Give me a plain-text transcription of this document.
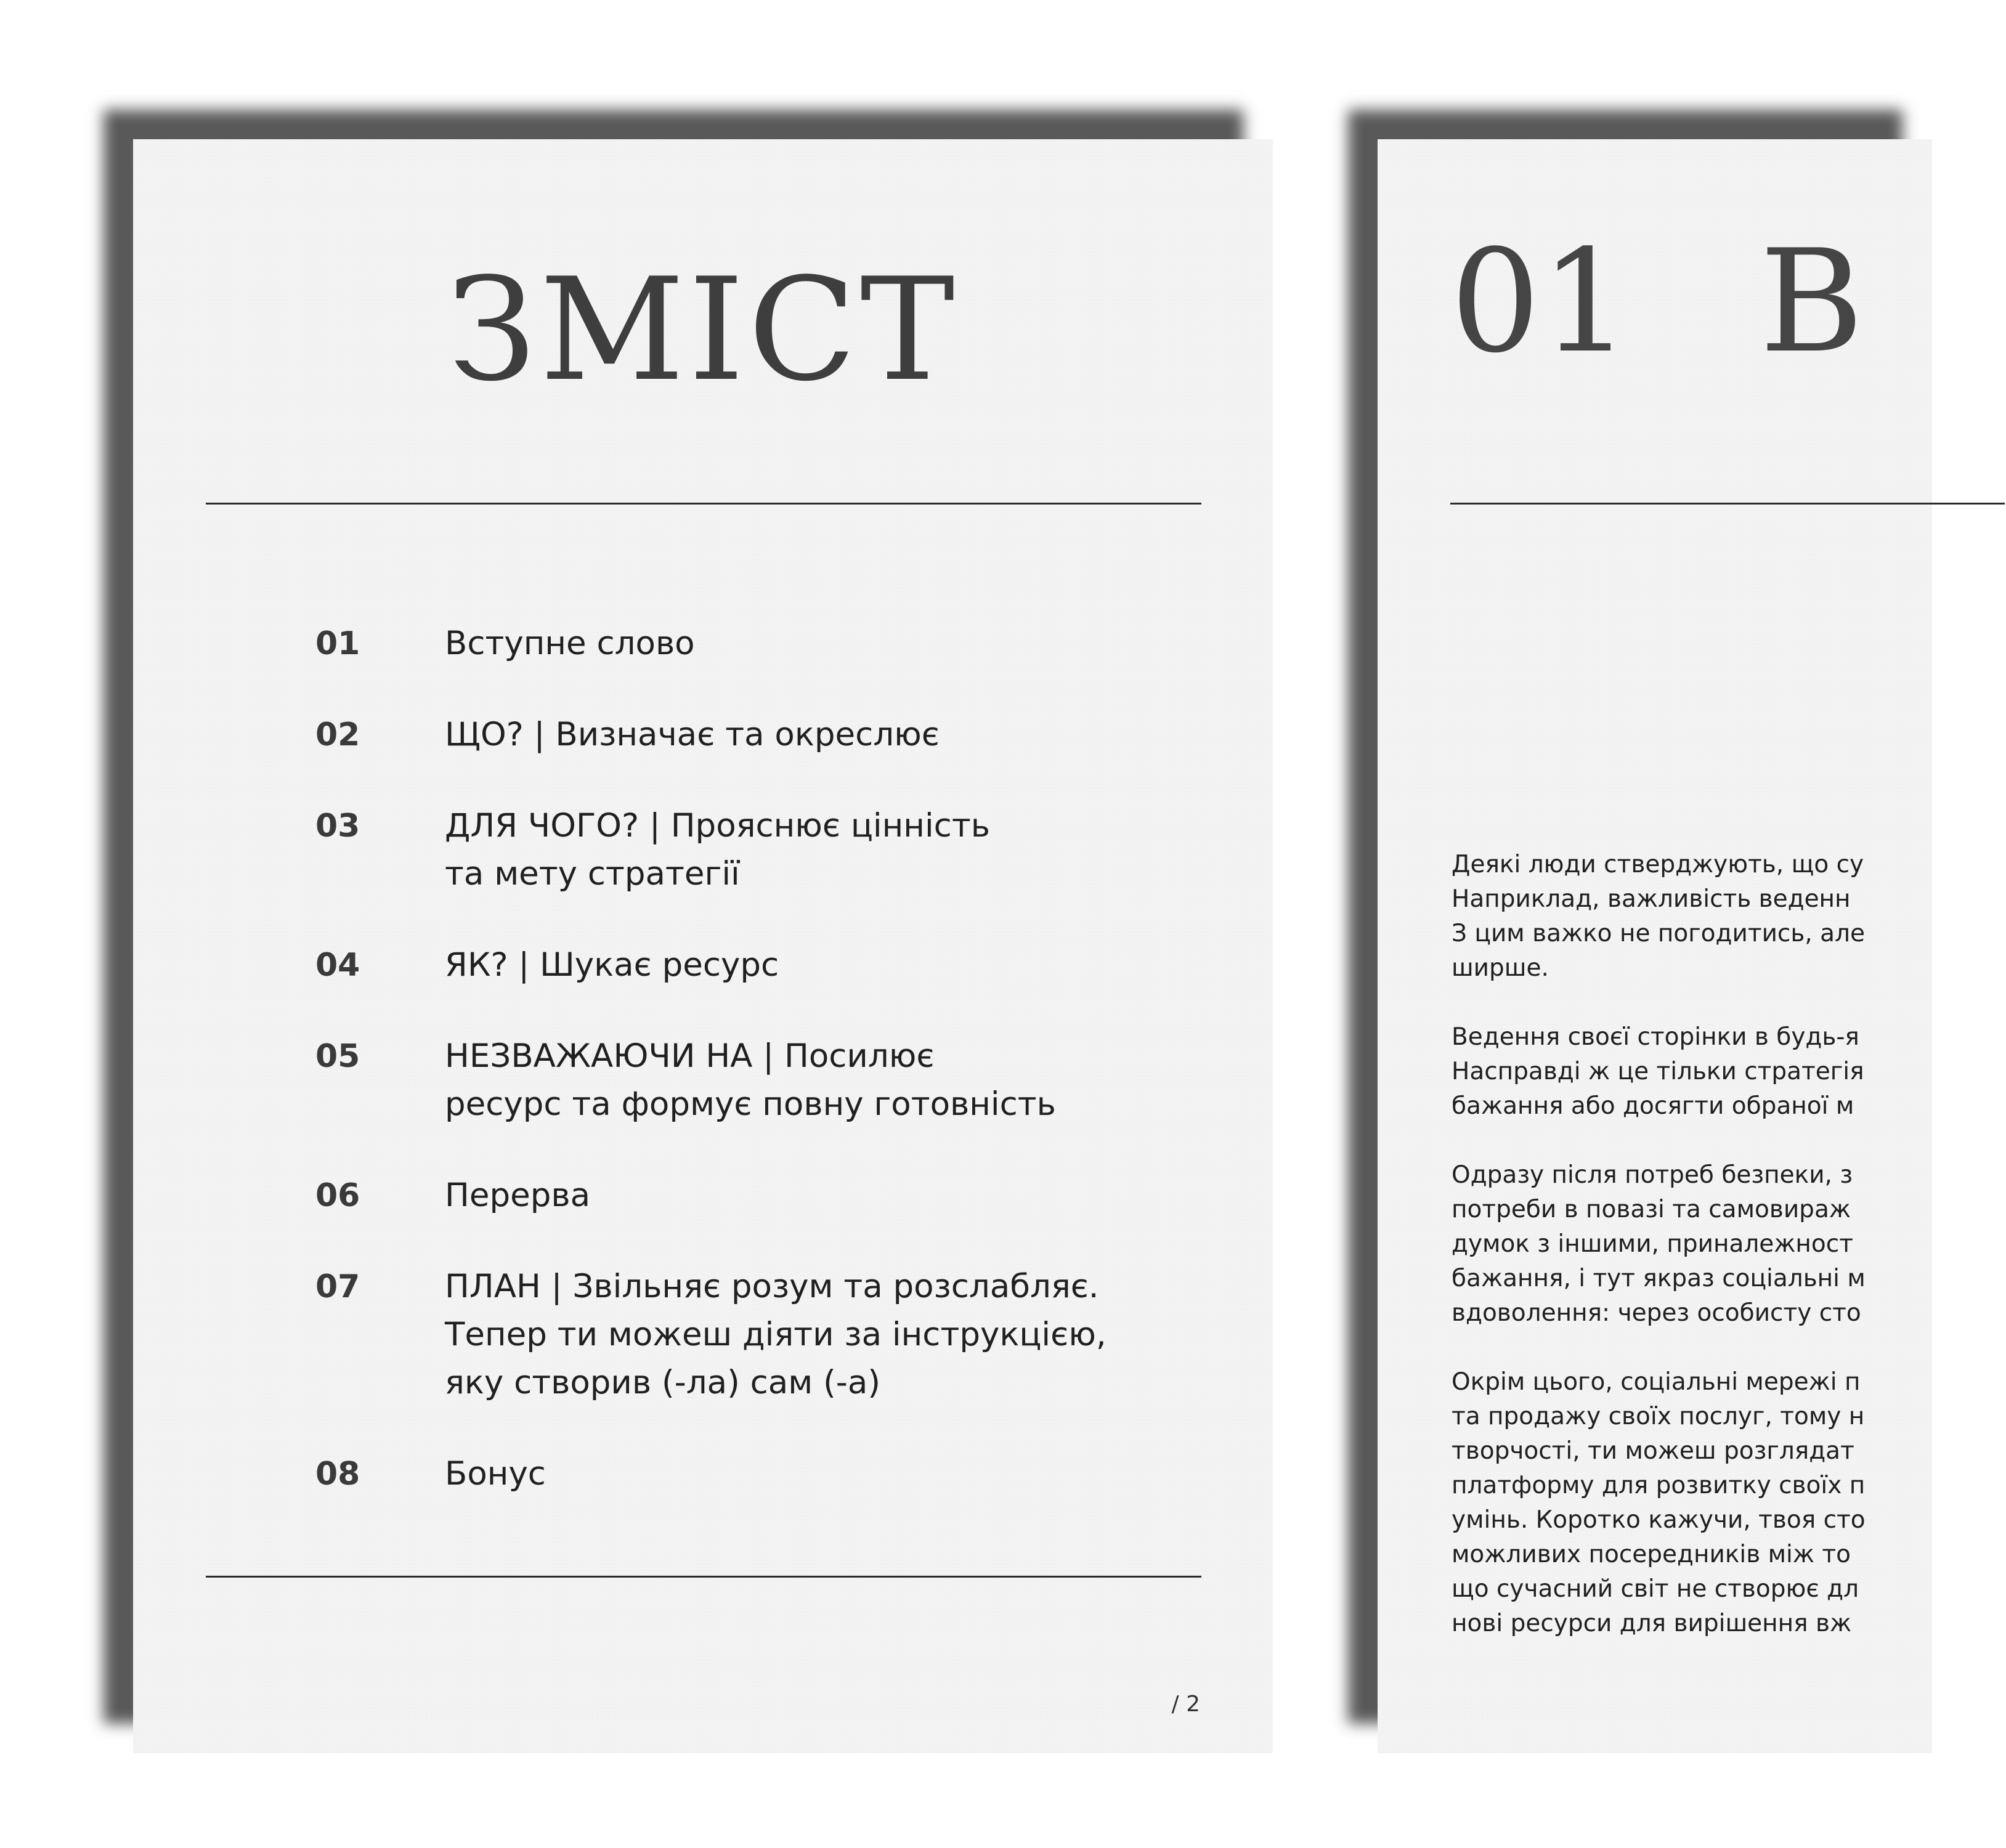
ЗМІСТ
01	Вступне слово
02	ЩО? | Визначає та окреслює
03	ДЛЯ ЧОГО? | Прояснює цінність
та мету стратегії
04	ЯК? | Шукає ресурс
05	НЕЗВАЖАЮЧИ НА | Посилює
ресурс та формує повну готовність
06	Перерва
07	ПЛАН | Звільняє розум та розслабляє.
Тепер ти можеш діяти за інструкцією,
яку створив (-ла) сам (-а)
08	Бонус
/ 2
01 В

Деякі люди стверджують, що су
Наприклад, важливість веденн
З цим важко не погодитись, але
ширше.

Ведення своєї сторінки в будь-я
Насправді ж це тільки стратегія
бажання або досягти обраної м

Одразу після потреб безпеки, з
потреби в повазі та самовираж
думок з іншими, приналежност
бажання, і тут якраз соціальні м
вдоволення: через особисту сто

Окрім цього, соціальні мережі п
та продажу своїх послуг, тому н
творчості, ти можеш розглядат
платформу для розвитку своїх п
умінь. Коротко кажучи, твоя сто
можливих посередників між то
що сучасний світ не створює дл
нові ресурси для вирішення вж
